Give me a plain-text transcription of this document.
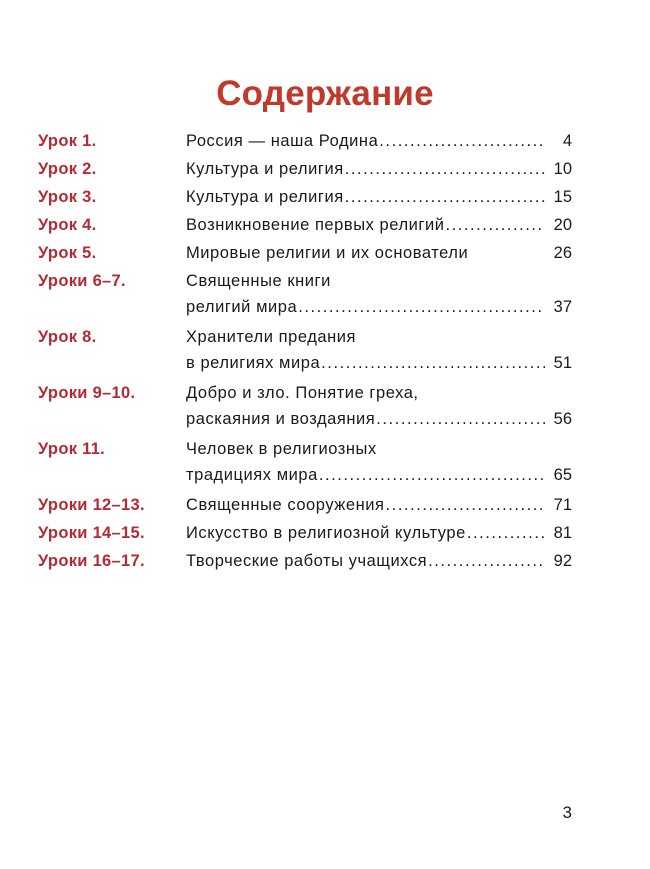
Содержание
Урок 1.	Россия — наша Родина .....	4
Урок 2.	Культура и религия .....	10
Урок 3.	Культура и религия .....	15
Урок 4.	Возникновение первых религий .....	20
Урок 5.	Мировые религии и их основатели	26
Уроки 6–7.	Священные книги
религий мира .....	37
Урок 8.	Хранители предания
в религиях мира .....	51
Уроки 9–10.	Добро и зло. Понятие греха,
раскаяния и воздаяния .....	56
Урок 11.	Человек в религиозных
традициях мира .....	65
Уроки 12–13.	Священные сооружения .....	71
Уроки 14–15.	Искусство в религиозной культуре .....	81
Уроки 16–17.	Творческие работы учащихся .....	92
3
